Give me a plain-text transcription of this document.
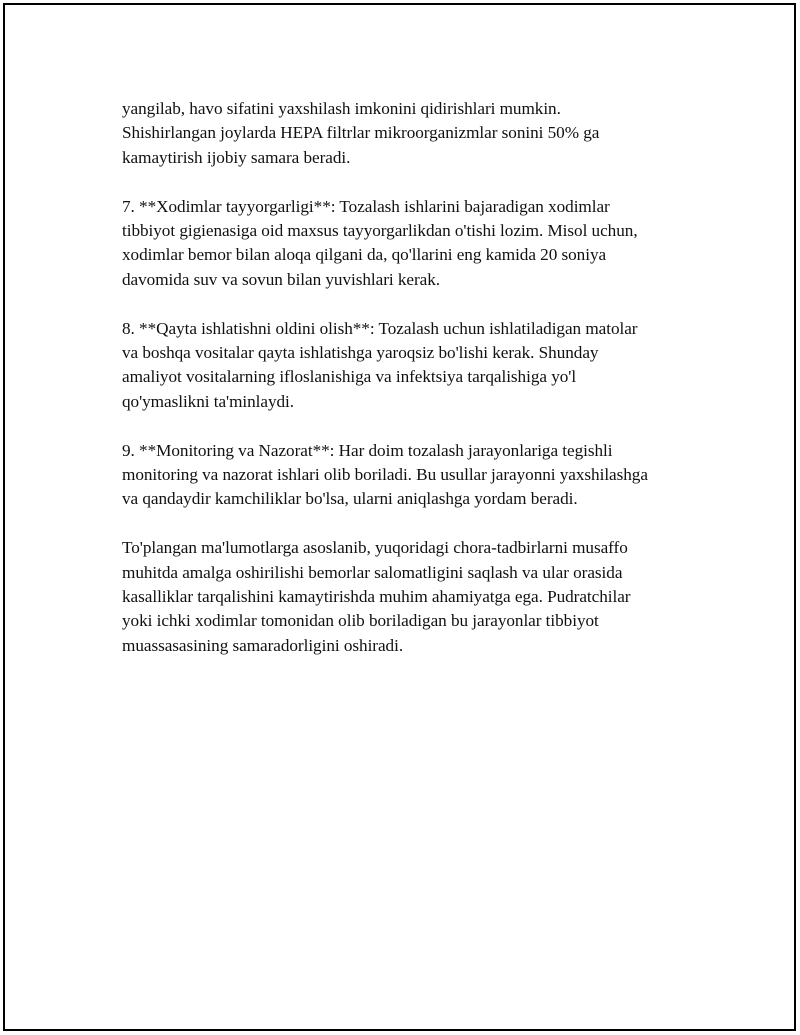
yangilab, havo sifatini yaxshilash imkonini qidirishlari mumkin.
Shishirlangan joylarda HEPA filtrlar mikroorganizmlar sonini 50% ga
kamaytirish ijobiy samara beradi.

7. **Xodimlar tayyorgarligi**: Tozalash ishlarini bajaradigan xodimlar
tibbiyot gigienasiga oid maxsus tayyorgarlikdan o'tishi lozim. Misol uchun,
xodimlar bemor bilan aloqa qilgani da, qo'llarini eng kamida 20 soniya
davomida suv va sovun bilan yuvishlari kerak.

8. **Qayta ishlatishni oldini olish**: Tozalash uchun ishlatiladigan matolar
va boshqa vositalar qayta ishlatishga yaroqsiz bo'lishi kerak. Shunday
amaliyot vositalarning ifloslanishiga va infektsiya tarqalishiga yo'l
qo'ymaslikni ta'minlaydi.

9. **Monitoring va Nazorat**: Har doim tozalash jarayonlariga tegishli
monitoring va nazorat ishlari olib boriladi. Bu usullar jarayonni yaxshilashga
va qandaydir kamchiliklar bo'lsa, ularni aniqlashga yordam beradi.

To'plangan ma'lumotlarga asoslanib, yuqoridagi chora-tadbirlarni musaffo
muhitda amalga oshirilishi bemorlar salomatligini saqlash va ular orasida
kasalliklar tarqalishini kamaytirishda muhim ahamiyatga ega. Pudratchilar
yoki ichki xodimlar tomonidan olib boriladigan bu jarayonlar tibbiyot
muassasasining samaradorligini oshiradi.
